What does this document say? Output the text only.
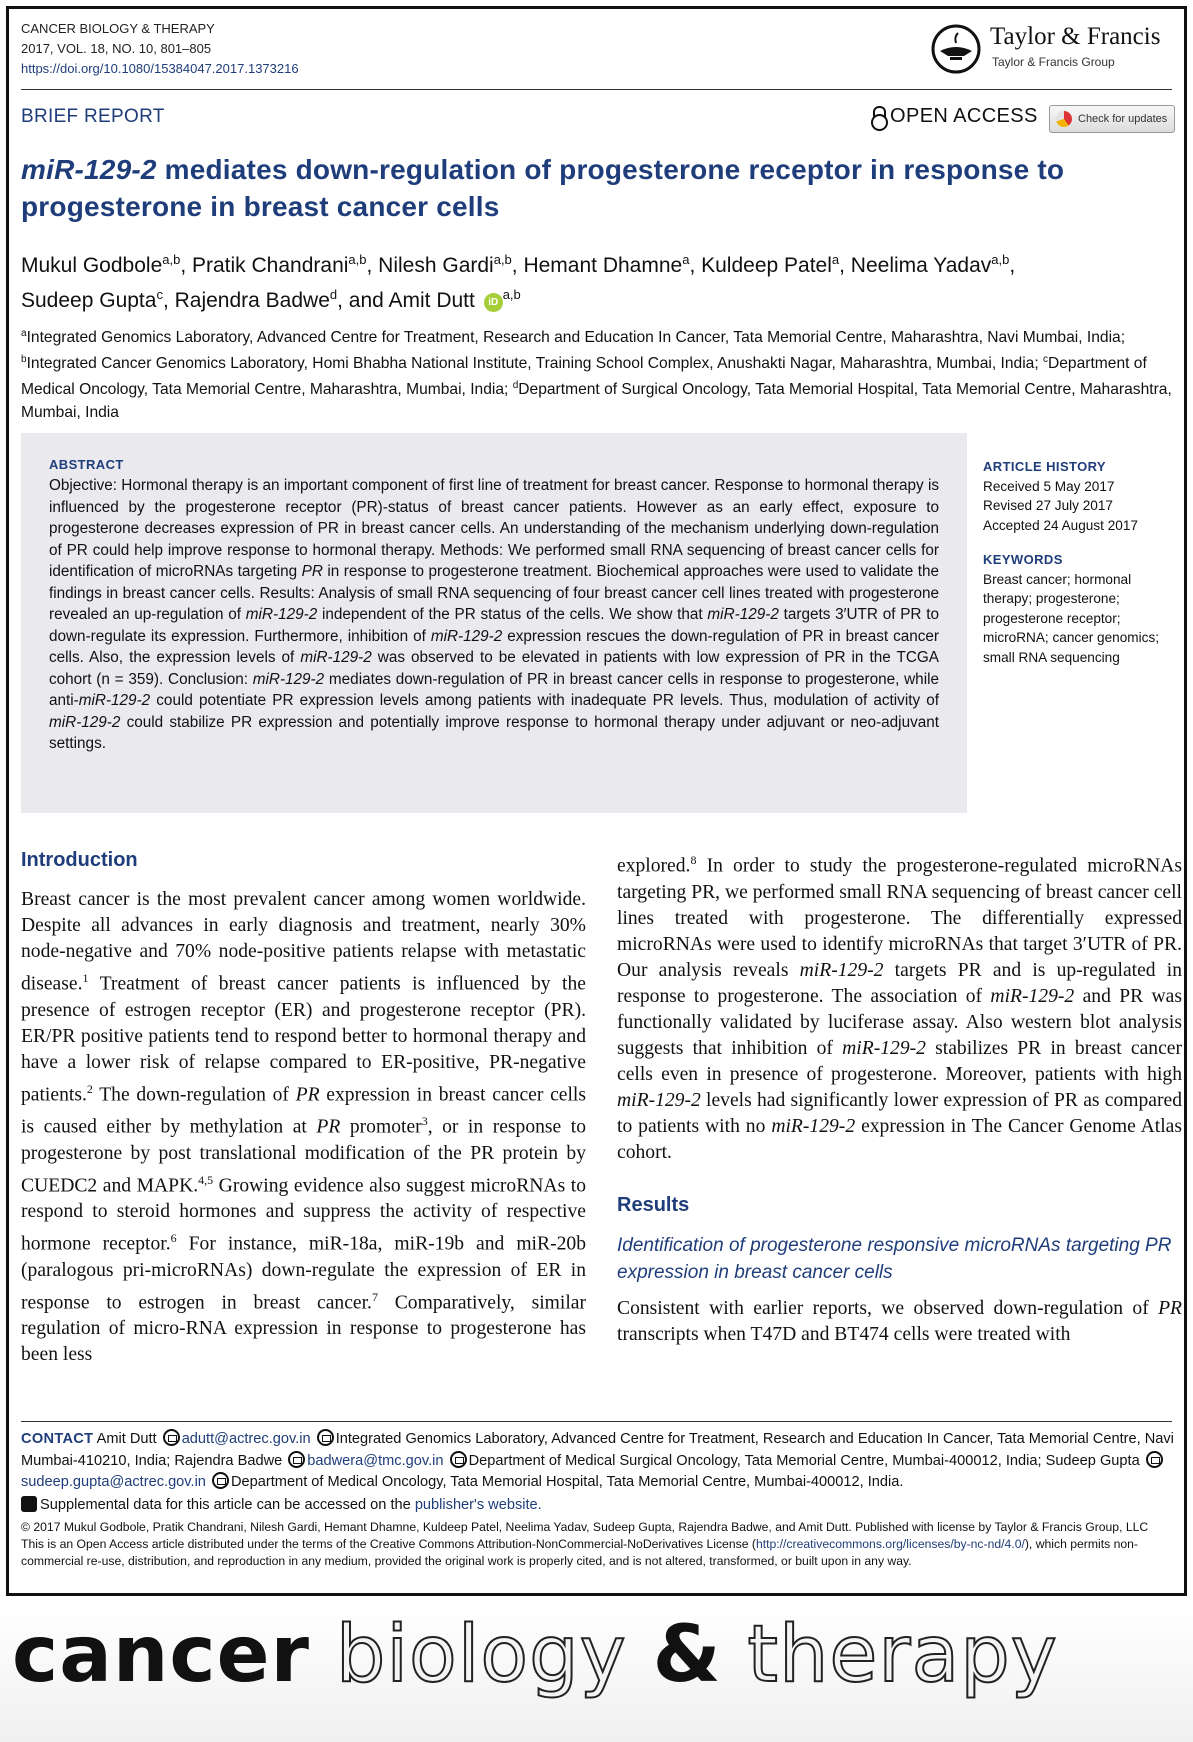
CANCER BIOLOGY & THERAPY
2017, VOL. 18, NO. 10, 801–805
https://doi.org/10.1080/15384047.2017.1373216
Taylor & Francis
Taylor & Francis Group
BRIEF REPORT	OPEN ACCESS	Check for updates
miR-129-2 mediates down-regulation of progesterone receptor in response to progesterone in breast cancer cells
Mukul Godbole$^{a,b}$, Pratik Chandrani$^{a,b}$, Nilesh Gardi$^{a,b}$, Hemant Dhamne$^a$, Kuldeep Patel$^a$, Neelima Yadav$^{a,b}$,
Sudeep Gupta$^c$, Rajendra Badwe$^d$, and Amit Dutt iD$^{a,b}$
$^a$Integrated Genomics Laboratory, Advanced Centre for Treatment, Research and Education In Cancer, Tata Memorial Centre, Maharashtra, Navi Mumbai, India; $^b$Integrated Cancer Genomics Laboratory, Homi Bhabha National Institute, Training School Complex, Anushakti Nagar, Maharashtra, Mumbai, India; $^c$Department of Medical Oncology, Tata Memorial Centre, Maharashtra, Mumbai, India; $^d$Department of Surgical Oncology, Tata Memorial Hospital, Tata Memorial Centre, Maharashtra, Mumbai, India
ABSTRACT
Objective: Hormonal therapy is an important component of first line of treatment for breast cancer. Response to hormonal therapy is influenced by the progesterone receptor (PR)-status of breast cancer patients. However as an early effect, exposure to progesterone decreases expression of PR in breast cancer cells. An understanding of the mechanism underlying down-regulation of PR could help improve response to hormonal therapy. Methods: We performed small RNA sequencing of breast cancer cells for identification of microRNAs targeting PR in response to progesterone treatment. Biochemical approaches were used to validate the findings in breast cancer cells. Results: Analysis of small RNA sequencing of four breast cancer cell lines treated with progesterone revealed an up-regulation of miR-129-2 independent of the PR status of the cells. We show that miR-129-2 targets 3′UTR of PR to down-regulate its expression. Furthermore, inhibition of miR-129-2 expression rescues the down-regulation of PR in breast cancer cells. Also, the expression levels of miR-129-2 was observed to be elevated in patients with low expression of PR in the TCGA cohort (n = 359). Conclusion: miR-129-2 mediates down-regulation of PR in breast cancer cells in response to progesterone, while anti-miR-129-2 could potentiate PR expression levels among patients with inadequate PR levels. Thus, modulation of activity of miR-129-2 could stabilize PR expression and potentially improve response to hormonal therapy under adjuvant or neo-adjuvant settings.
ARTICLE HISTORY
Received 5 May 2017
Revised 27 July 2017
Accepted 24 August 2017
KEYWORDS
Breast cancer; hormonal therapy; progesterone; progesterone receptor; microRNA; cancer genomics; small RNA sequencing
Introduction

Breast cancer is the most prevalent cancer among women worldwide. Despite all advances in early diagnosis and treatment, nearly 30% node-negative and 70% node-positive patients relapse with metastatic disease.$^1$ Treatment of breast cancer patients is influenced by the presence of estrogen receptor (ER) and progesterone receptor (PR). ER/PR positive patients tend to respond better to hormonal therapy and have a lower risk of relapse compared to ER-positive, PR-negative patients.$^2$ The down-regulation of PR expression in breast cancer cells is caused either by methylation at PR promoter$^3$, or in response to progesterone by post translational modification of the PR protein by CUEDC2 and MAPK.$^{4,5}$ Growing evidence also suggest microRNAs to respond to steroid hormones and suppress the activity of respective hormone receptor.$^6$ For instance, miR-18a, miR-19b and miR-20b (paralogous pri-microRNAs) down-regulate the expression of ER in response to estrogen in breast cancer.$^7$ Comparatively, similar regulation of micro-RNA expression in response to progesterone has been less

explored.$^8$ In order to study the progesterone-regulated microRNAs targeting PR, we performed small RNA sequencing of breast cancer cell lines treated with progesterone. The differentially expressed microRNAs were used to identify microRNAs that target 3′UTR of PR. Our analysis reveals miR-129-2 targets PR and is up-regulated in response to progesterone. The association of miR-129-2 and PR was functionally validated by luciferase assay. Also western blot analysis suggests that inhibition of miR-129-2 stabilizes PR in breast cancer cells even in presence of progesterone. Moreover, patients with high miR-129-2 levels had significantly lower expression of PR as compared to patients with no miR-129-2 expression in The Cancer Genome Atlas cohort.

Results
Identification of progesterone responsive microRNAs targeting PR expression in breast cancer cells

Consistent with earlier reports, we observed down-regulation of PR transcripts when T47D and BT474 cells were treated with

CONTACT Amit Dutt adutt@actrec.gov.in Integrated Genomics Laboratory, Advanced Centre for Treatment, Research and Education In Cancer, Tata Memorial Centre, Navi Mumbai-410210, India; Rajendra Badwe badwera@tmc.gov.in Department of Medical Surgical Oncology, Tata Memorial Centre, Mumbai-400012, India; Sudeep Gupta sudeep.gupta@actrec.gov.in Department of Medical Oncology, Tata Memorial Hospital, Tata Memorial Centre, Mumbai-400012, India.
Supplemental data for this article can be accessed on the publisher's website.
© 2017 Mukul Godbole, Pratik Chandrani, Nilesh Gardi, Hemant Dhamne, Kuldeep Patel, Neelima Yadav, Sudeep Gupta, Rajendra Badwe, and Amit Dutt. Published with license by Taylor & Francis Group, LLC
This is an Open Access article distributed under the terms of the Creative Commons Attribution-NonCommercial-NoDerivatives License (http://creativecommons.org/licenses/by-nc-nd/4.0/), which permits non-commercial re-use, distribution, and reproduction in any medium, provided the original work is properly cited, and is not altered, transformed, or built upon in any way.
cancer biology & therapy
